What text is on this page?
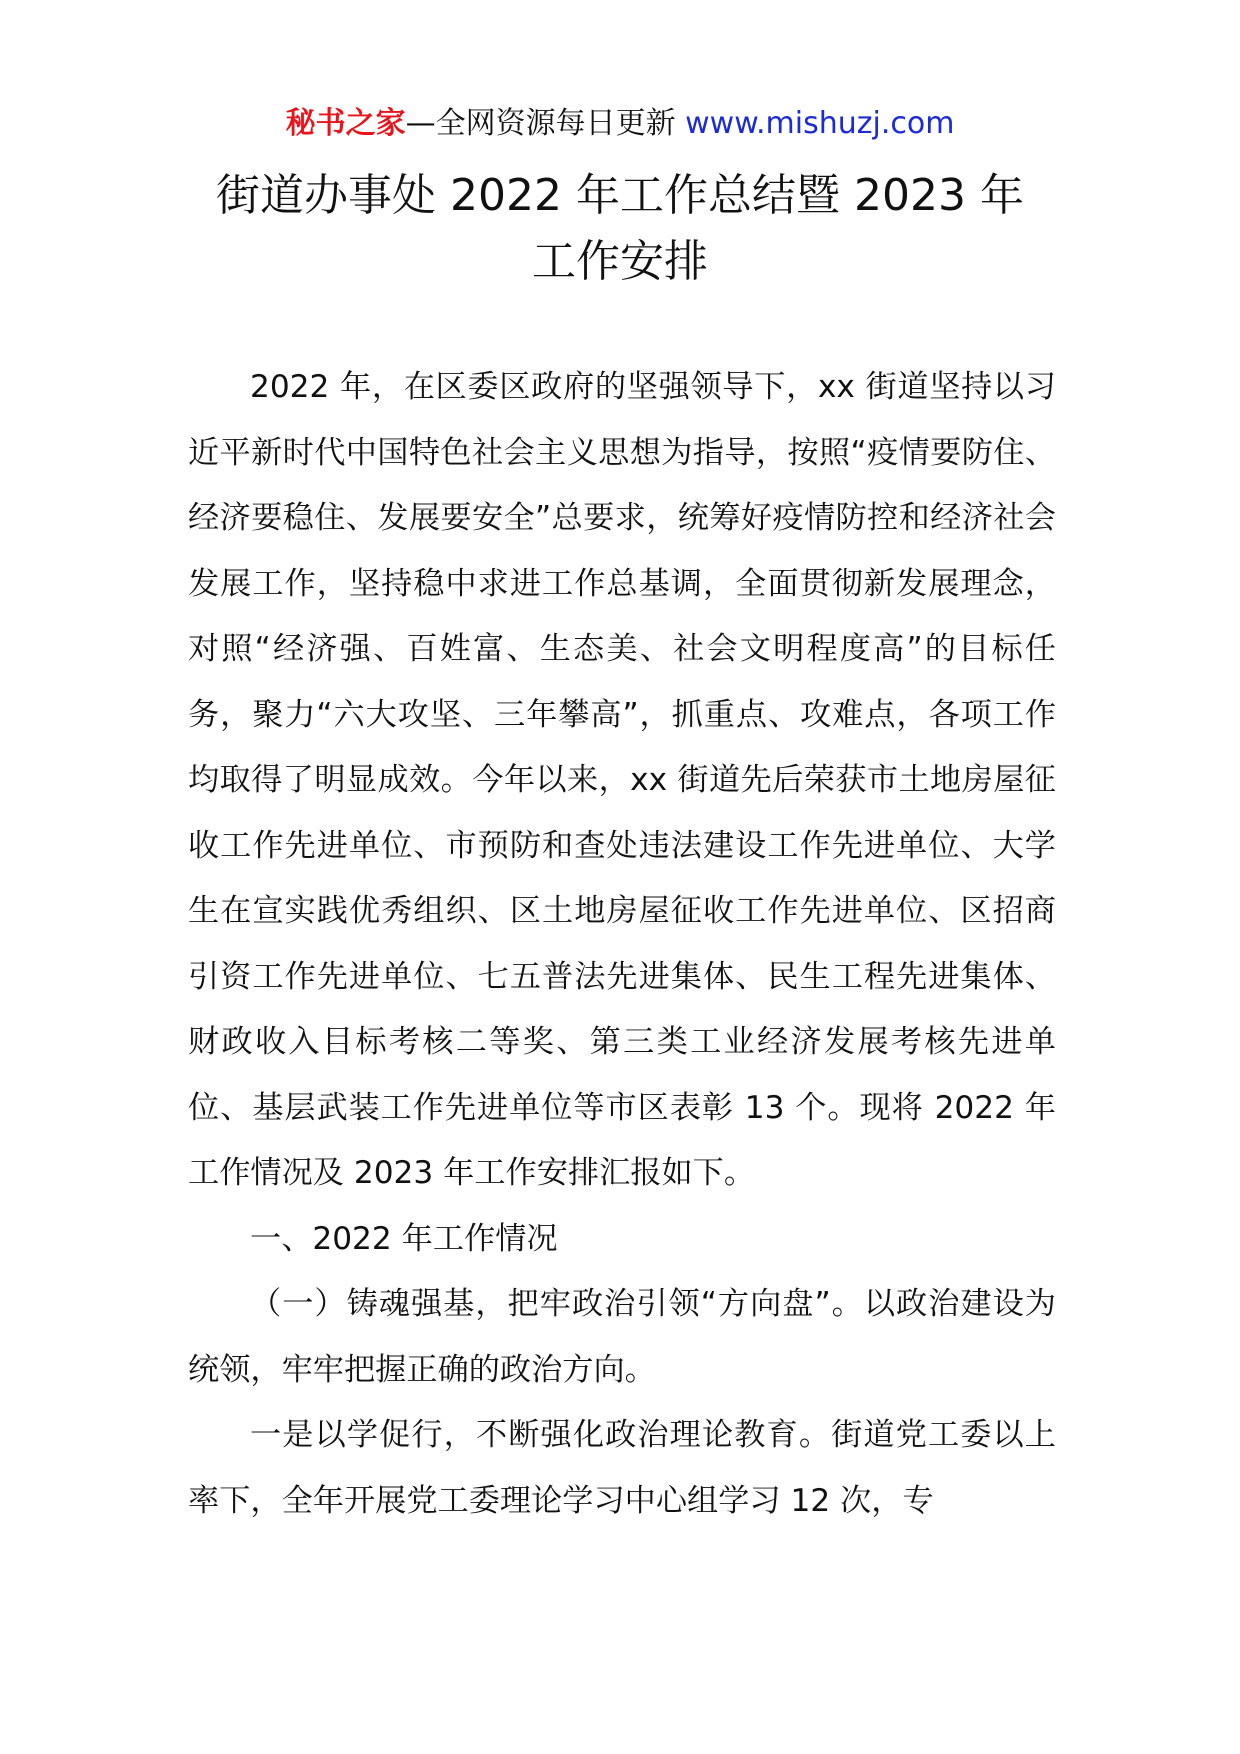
秘书之家—全网资源每日更新 www.mishuzj.com
街道办事处 2022 年工作总结暨 2023 年
工作安排

2022 年，在区委区政府的坚强领导下，xx 街道坚持以习近平新时代中国特色社会主义思想为指导，按照“疫情要防住、经济要稳住、发展要安全”总要求，统筹好疫情防控和经济社会发展工作，坚持稳中求进工作总基调，全面贯彻新发展理念，对照“经济强、百姓富、生态美、社会文明程度高”的目标任务，聚力“六大攻坚、三年攀高”，抓重点、攻难点，各项工作均取得了明显成效。今年以来，xx 街道先后荣获市土地房屋征收工作先进单位、市预防和查处违法建设工作先进单位、大学生在宣实践优秀组织、区土地房屋征收工作先进单位、区招商引资工作先进单位、七五普法先进集体、民生工程先进集体、财政收入目标考核二等奖、第三类工业经济发展考核先进单位、基层武装工作先进单位等市区表彰 13 个。现将 2022 年工作情况及 2023 年工作安排汇报如下。

一、2022 年工作情况

（一）铸魂强基，把牢政治引领“方向盘”。以政治建设为统领，牢牢把握正确的政治方向。

一是以学促行，不断强化政治理论教育。街道党工委以上率下，全年开展党工委理论学习中心组学习 12 次，专
